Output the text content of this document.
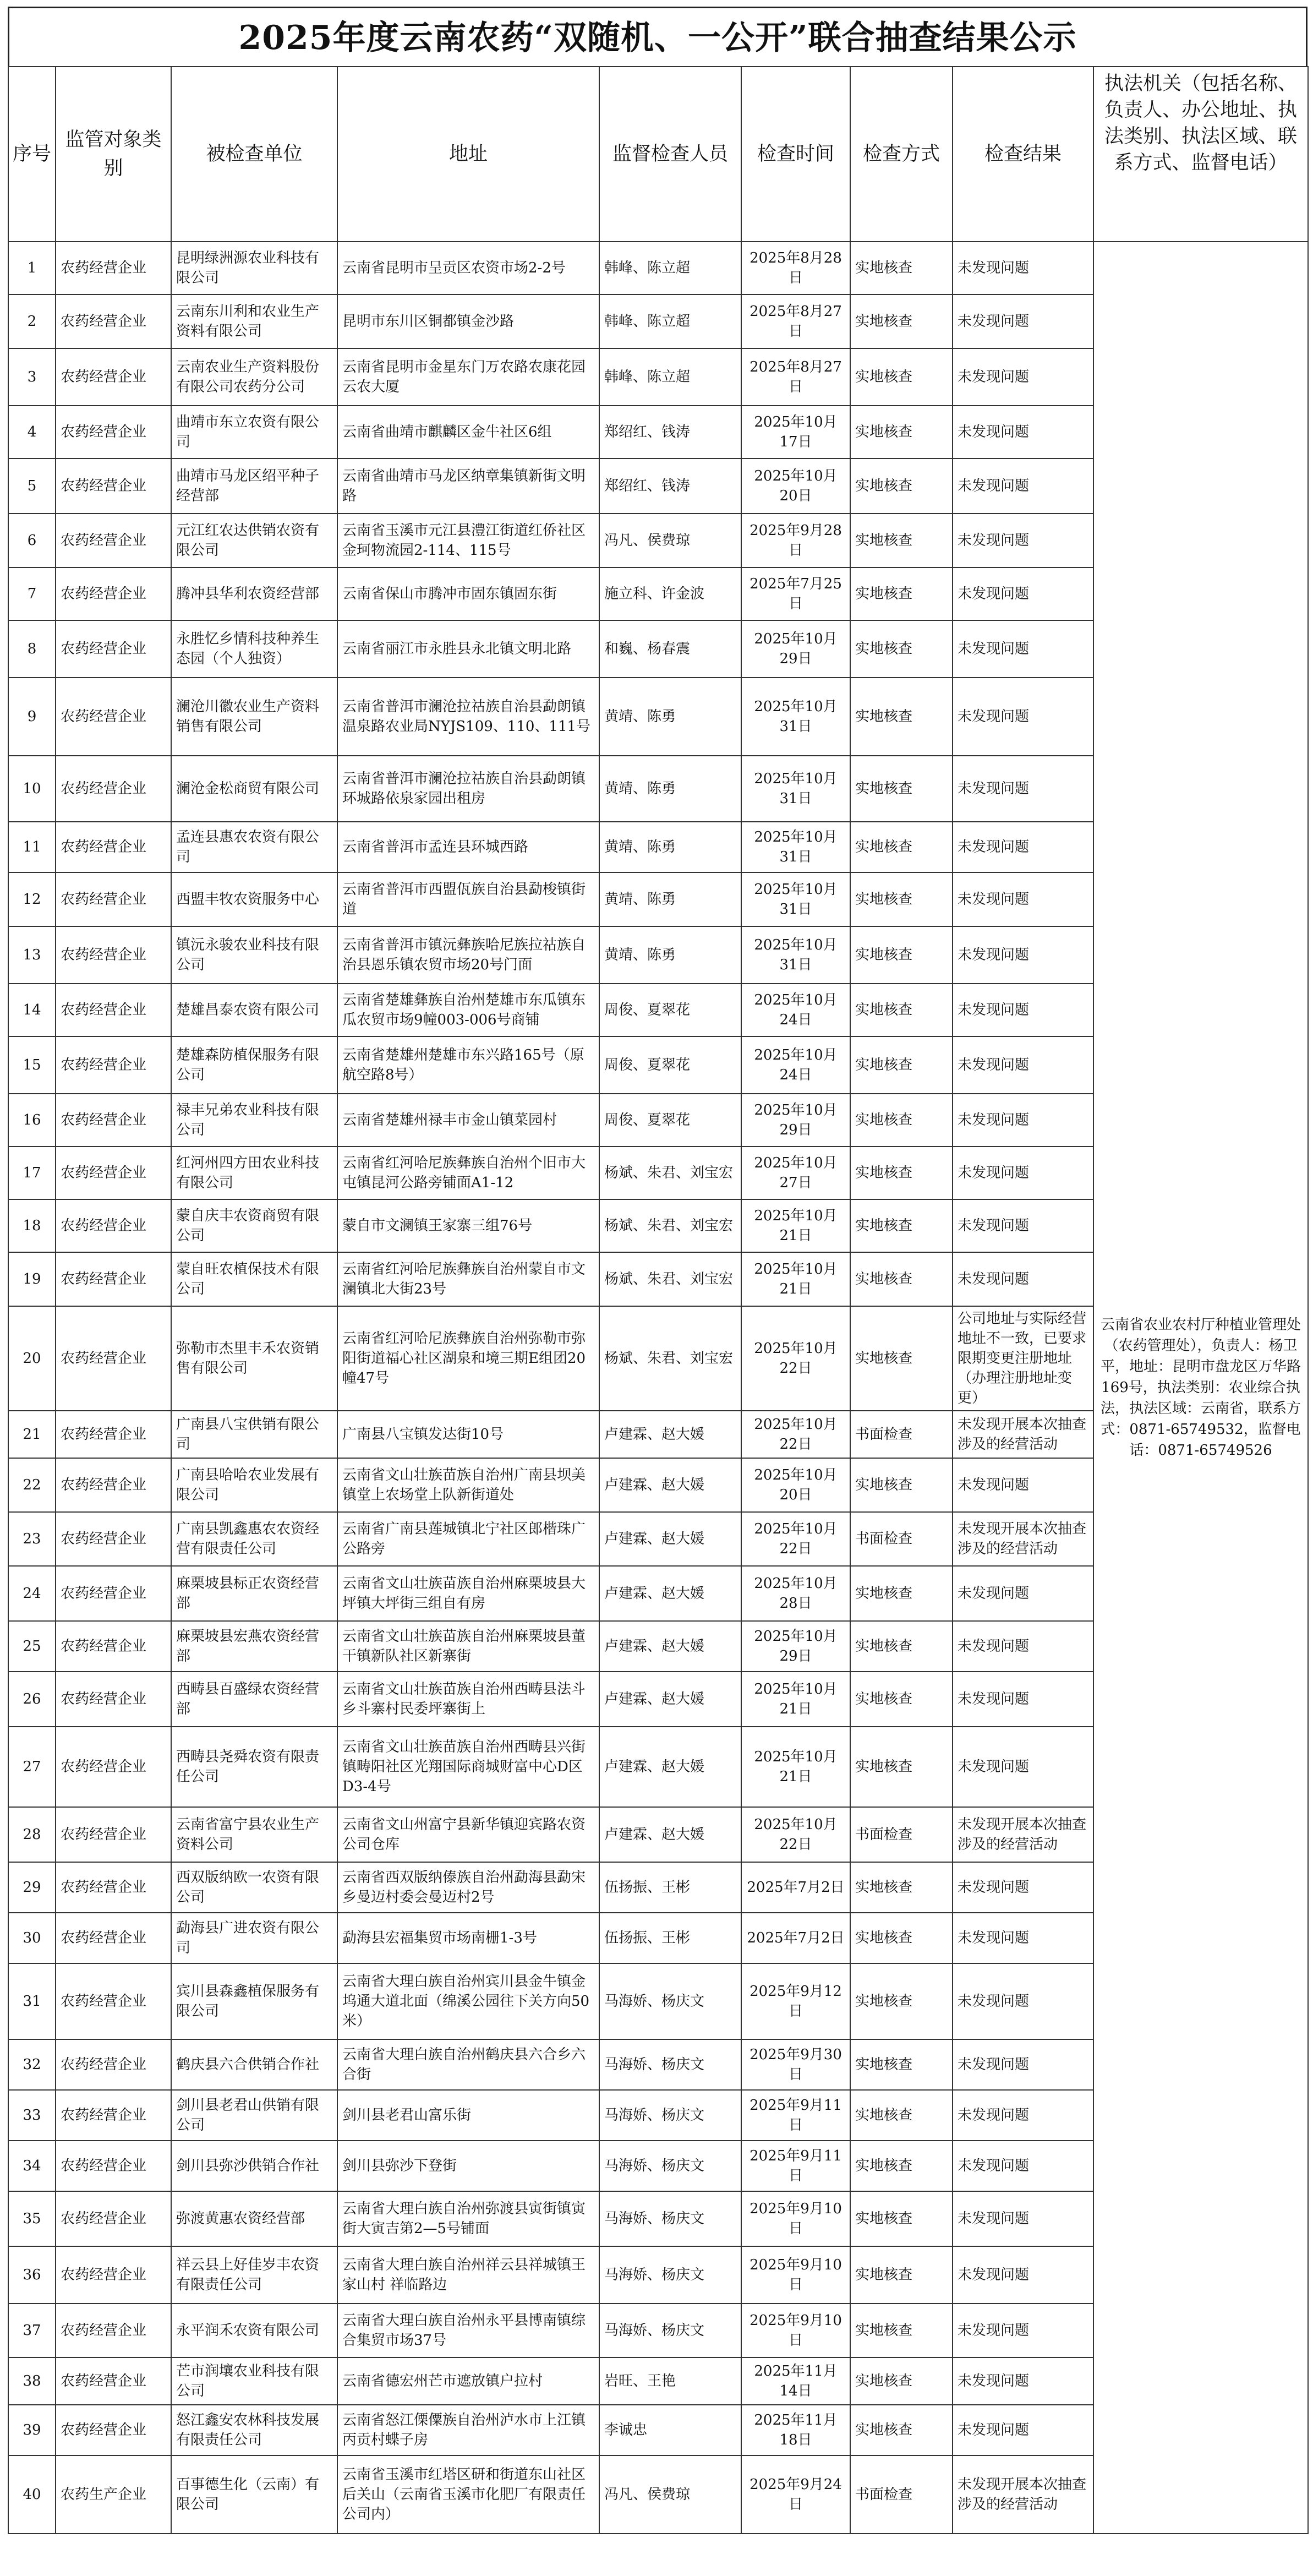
2025年度云南农药“双随机、一公开”联合抽查结果公示
序号	监管对象类别	被检查单位	地址	监督检查人员	检查时间	检查方式	检查结果	执法机关（包括名称、负责人、办公地址、执法类别、执法区域、联系方式、监督电话）
1	农药经营企业	昆明绿洲源农业科技有限公司	云南省昆明市呈贡区农资市场2-2号	韩峰、陈立超	2025年8月28日	实地核查	未发现问题	云南省农业农村厅种植业管理处（农药管理处），负责人：杨卫平，地址：昆明市盘龙区万华路169号，执法类别：农业综合执法，执法区域：云南省，联系方式：0871-65749532，监督电话：0871-65749526
2	农药经营企业	云南东川利和农业生产资料有限公司	昆明市东川区铜都镇金沙路	韩峰、陈立超	2025年8月27日	实地核查	未发现问题	
3	农药经营企业	云南农业生产资料股份有限公司农药分公司	云南省昆明市金星东门万农路农康花园云农大厦	韩峰、陈立超	2025年8月27日	实地核查	未发现问题	
4	农药经营企业	曲靖市东立农资有限公司	云南省曲靖市麒麟区金牛社区6组	郑绍红、钱涛	2025年10月17日	实地核查	未发现问题	
5	农药经营企业	曲靖市马龙区绍平种子经营部	云南省曲靖市马龙区纳章集镇新街文明路	郑绍红、钱涛	2025年10月20日	实地核查	未发现问题	
6	农药经营企业	元江红农达供销农资有限公司	云南省玉溪市元江县澧江街道红侨社区金珂物流园2-114、115号	冯凡、侯费琼	2025年9月28日	实地核查	未发现问题	
7	农药经营企业	腾冲县华利农资经营部	云南省保山市腾冲市固东镇固东街	施立科、许金波	2025年7月25日	实地核查	未发现问题	
8	农药经营企业	永胜忆乡情科技种养生态园（个人独资）	云南省丽江市永胜县永北镇文明北路	和巍、杨春震	2025年10月29日	实地核查	未发现问题	
9	农药经营企业	澜沧川徽农业生产资料销售有限公司	云南省普洱市澜沧拉祜族自治县勐朗镇温泉路农业局NYJS109、110、111号	黄靖、陈勇	2025年10月31日	实地核查	未发现问题	
10	农药经营企业	澜沧金松商贸有限公司	云南省普洱市澜沧拉祜族自治县勐朗镇环城路依泉家园出租房	黄靖、陈勇	2025年10月31日	实地核查	未发现问题	
11	农药经营企业	孟连县惠农农资有限公司	云南省普洱市孟连县环城西路	黄靖、陈勇	2025年10月31日	实地核查	未发现问题	
12	农药经营企业	西盟丰牧农资服务中心	云南省普洱市西盟佤族自治县勐梭镇街道	黄靖、陈勇	2025年10月31日	实地核查	未发现问题	
13	农药经营企业	镇沅永骏农业科技有限公司	云南省普洱市镇沅彝族哈尼族拉祜族自治县恩乐镇农贸市场20号门面	黄靖、陈勇	2025年10月31日	实地核查	未发现问题	
14	农药经营企业	楚雄昌泰农资有限公司	云南省楚雄彝族自治州楚雄市东瓜镇东瓜农贸市场9幢003-006号商铺	周俊、夏翠花	2025年10月24日	实地核查	未发现问题	
15	农药经营企业	楚雄森防植保服务有限公司	云南省楚雄州楚雄市东兴路165号（原航空路8号）	周俊、夏翠花	2025年10月24日	实地核查	未发现问题	
16	农药经营企业	禄丰兄弟农业科技有限公司	云南省楚雄州禄丰市金山镇菜园村	周俊、夏翠花	2025年10月29日	实地核查	未发现问题	
17	农药经营企业	红河州四方田农业科技有限公司	云南省红河哈尼族彝族自治州个旧市大屯镇昆河公路旁铺面A1-12	杨斌、朱君、刘宝宏	2025年10月27日	实地核查	未发现问题	
18	农药经营企业	蒙自庆丰农资商贸有限公司	蒙自市文澜镇王家寨三组76号	杨斌、朱君、刘宝宏	2025年10月21日	实地核查	未发现问题	
19	农药经营企业	蒙自旺农植保技术有限公司	云南省红河哈尼族彝族自治州蒙自市文澜镇北大街23号	杨斌、朱君、刘宝宏	2025年10月21日	实地核查	未发现问题	
20	农药经营企业	弥勒市杰里丰禾农资销售有限公司	云南省红河哈尼族彝族自治州弥勒市弥阳街道福心社区湖泉和境三期E组团20幢47号	杨斌、朱君、刘宝宏	2025年10月22日	实地核查	公司地址与实际经营地址不一致，已要求限期变更注册地址（办理注册地址变更）	
21	农药经营企业	广南县八宝供销有限公司	广南县八宝镇发达街10号	卢建霖、赵大媛	2025年10月22日	书面检查	未发现开展本次抽查涉及的经营活动	
22	农药经营企业	广南县哈哈农业发展有限公司	云南省文山壮族苗族自治州广南县坝美镇堂上农场堂上队新街道处	卢建霖、赵大媛	2025年10月20日	实地核查	未发现问题	
23	农药经营企业	广南县凯鑫惠农农资经营有限责任公司	云南省广南县莲城镇北宁社区郎楷珠广公路旁	卢建霖、赵大媛	2025年10月22日	书面检查	未发现开展本次抽查涉及的经营活动	
24	农药经营企业	麻栗坡县标正农资经营部	云南省文山壮族苗族自治州麻栗坡县大坪镇大坪街三组自有房	卢建霖、赵大媛	2025年10月28日	实地核查	未发现问题	
25	农药经营企业	麻栗坡县宏燕农资经营部	云南省文山壮族苗族自治州麻栗坡县董干镇新队社区新寨街	卢建霖、赵大媛	2025年10月29日	实地核查	未发现问题	
26	农药经营企业	西畴县百盛绿农资经营部	云南省文山壮族苗族自治州西畴县法斗乡斗寨村民委坪寨街上	卢建霖、赵大媛	2025年10月21日	实地核查	未发现问题	
27	农药经营企业	西畴县尧舜农资有限责任公司	云南省文山壮族苗族自治州西畴县兴街镇畴阳社区光翔国际商城财富中心D区D3-4号	卢建霖、赵大媛	2025年10月21日	实地核查	未发现问题	
28	农药经营企业	云南省富宁县农业生产资料公司	云南省文山州富宁县新华镇迎宾路农资公司仓库	卢建霖、赵大媛	2025年10月22日	书面检查	未发现开展本次抽查涉及的经营活动	
29	农药经营企业	西双版纳欧一农资有限公司	云南省西双版纳傣族自治州勐海县勐宋乡曼迈村委会曼迈村2号	伍扬振、王彬	2025年7月2日	实地核查	未发现问题	
30	农药经营企业	勐海县广进农资有限公司	勐海县宏福集贸市场南栅1-3号	伍扬振、王彬	2025年7月2日	实地核查	未发现问题	
31	农药经营企业	宾川县森鑫植保服务有限公司	云南省大理白族自治州宾川县金牛镇金坞通大道北面（绵溪公园往下关方向50米）	马海娇、杨庆文	2025年9月12日	实地核查	未发现问题	
32	农药经营企业	鹤庆县六合供销合作社	云南省大理白族自治州鹤庆县六合乡六合街	马海娇、杨庆文	2025年9月30日	实地核查	未发现问题	
33	农药经营企业	剑川县老君山供销有限公司	剑川县老君山富乐街	马海娇、杨庆文	2025年9月11日	实地核查	未发现问题	
34	农药经营企业	剑川县弥沙供销合作社	剑川县弥沙下登街	马海娇、杨庆文	2025年9月11日	实地核查	未发现问题	
35	农药经营企业	弥渡黄惠农资经营部	云南省大理白族自治州弥渡县寅街镇寅街大寅吉第2—5号铺面	马海娇、杨庆文	2025年9月10日	实地核查	未发现问题	
36	农药经营企业	祥云县上好佳岁丰农资有限责任公司	云南省大理白族自治州祥云县祥城镇王家山村 祥临路边	马海娇、杨庆文	2025年9月10日	实地核查	未发现问题	
37	农药经营企业	永平润禾农资有限公司	云南省大理白族自治州永平县博南镇综合集贸市场37号	马海娇、杨庆文	2025年9月10日	实地核查	未发现问题	
38	农药经营企业	芒市润壤农业科技有限公司	云南省德宏州芒市遮放镇户拉村	岩旺、王艳	2025年11月14日	实地核查	未发现问题	
39	农药经营企业	怒江鑫安农林科技发展有限责任公司	云南省怒江傈僳族自治州泸水市上江镇丙贡村蝶子房	李诚忠	2025年11月18日	实地核查	未发现问题	
40	农药生产企业	百事德生化（云南）有限公司	云南省玉溪市红塔区研和街道东山社区后关山（云南省玉溪市化肥厂有限责任公司内）	冯凡、侯费琼	2025年9月24日	书面检查	未发现开展本次抽查涉及的经营活动	
